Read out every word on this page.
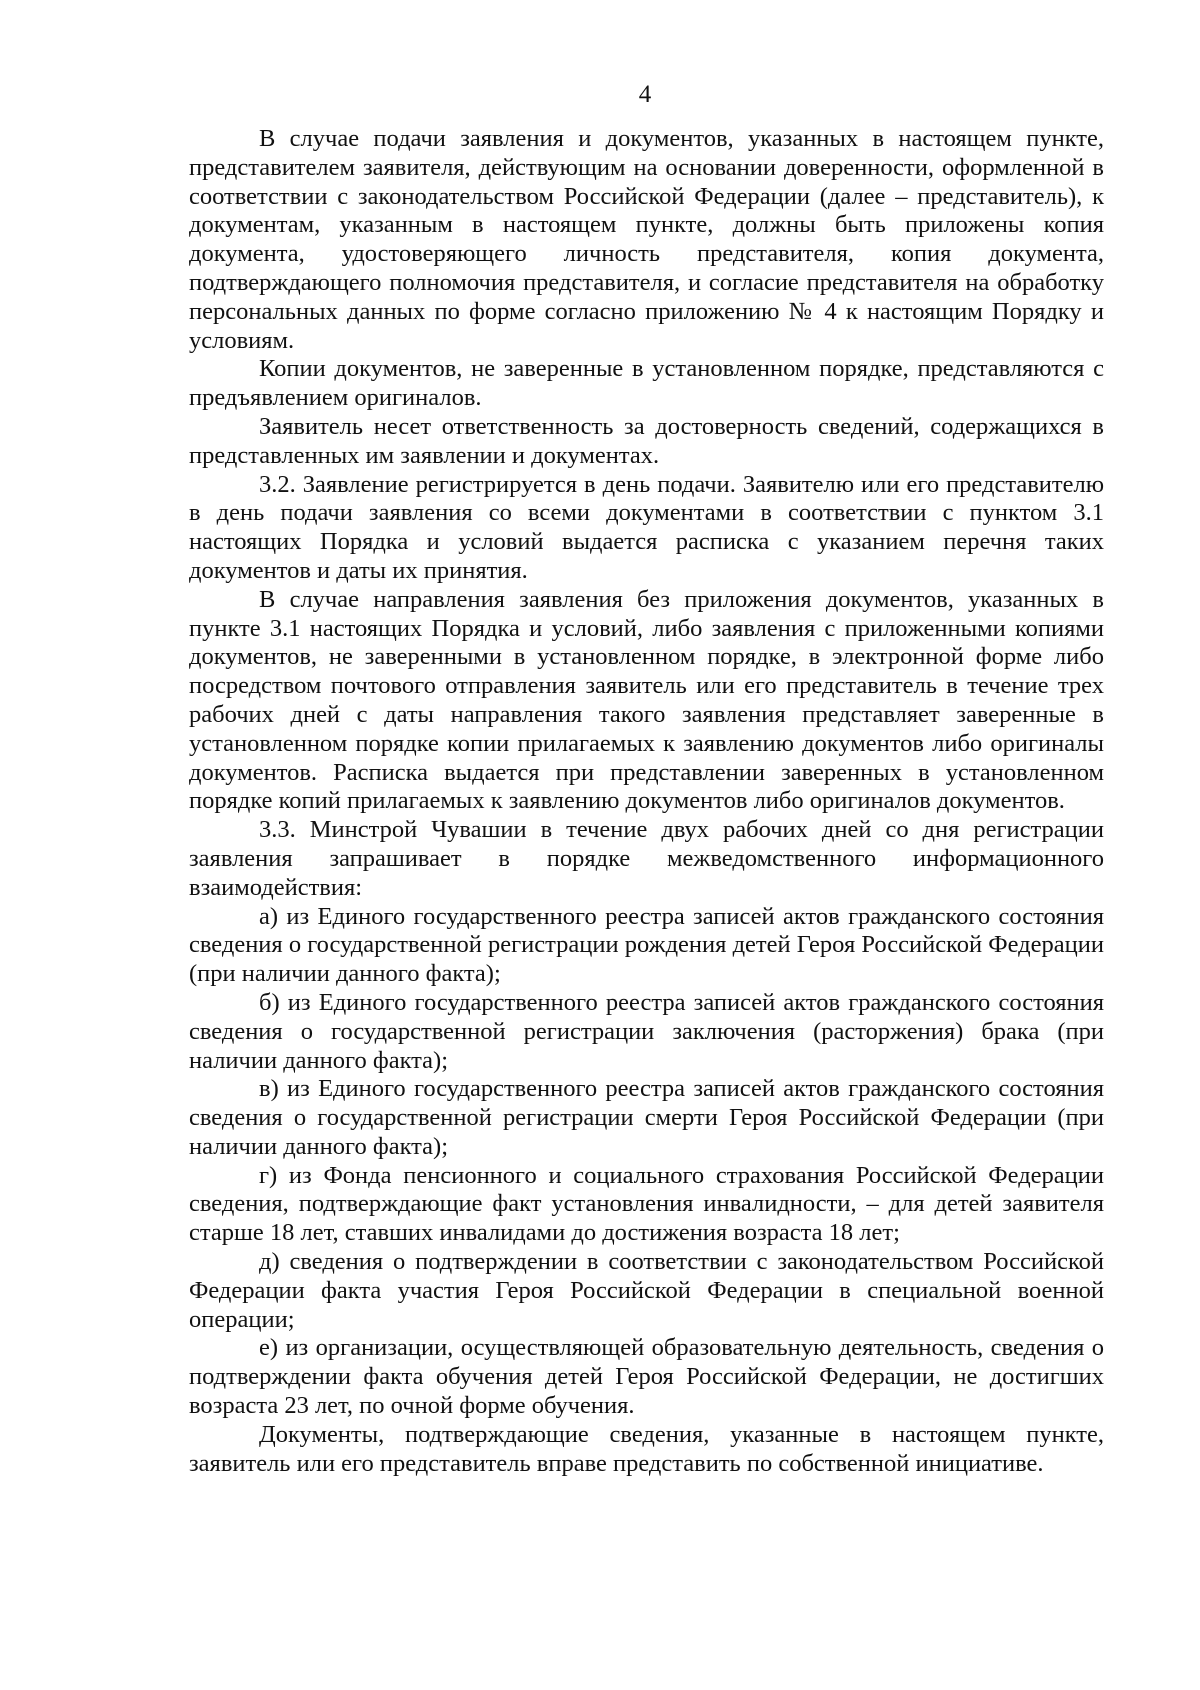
4

В случае подачи заявления и документов, указанных в настоящем пункте, представителем заявителя, действующим на основании доверенности, оформленной в соответствии с законодательством Российской Федерации (далее – представитель), к документам, указанным в настоящем пункте, должны быть приложены копия документа, удостоверяющего личность представителя, копия документа, подтверждающего полномочия представителя, и согласие представителя на обработку персональных данных по форме согласно приложению № 4 к настоящим Порядку и условиям.

Копии документов, не заверенные в установленном порядке, представляются с предъявлением оригиналов.

Заявитель несет ответственность за достоверность сведений, содержащихся в представленных им заявлении и документах.

3.2. Заявление регистрируется в день подачи. Заявителю или его представителю в день подачи заявления со всеми документами в соответствии с пунктом 3.1 настоящих Порядка и условий выдается расписка с указанием перечня таких документов и даты их принятия.

В случае направления заявления без приложения документов, указанных в пункте 3.1 настоящих Порядка и условий, либо заявления с приложенными копиями документов, не заверенными в установленном порядке, в электронной форме либо посредством почтового отправления заявитель или его представитель в течение трех рабочих дней с даты направления такого заявления представляет заверенные в установленном порядке копии прилагаемых к заявлению документов либо оригиналы документов. Расписка выдается при представлении заверенных в установленном порядке копий прилагаемых к заявлению документов либо оригиналов документов.

3.3. Минстрой Чувашии в течение двух рабочих дней со дня регистрации заявления запрашивает в порядке межведомственного информационного взаимодействия:

а) из Единого государственного реестра записей актов гражданского состояния сведения о государственной регистрации рождения детей Героя Российской Федерации (при наличии данного факта);

б) из Единого государственного реестра записей актов гражданского состояния сведения о государственной регистрации заключения (расторжения) брака (при наличии данного факта);

в) из Единого государственного реестра записей актов гражданского состояния сведения о государственной регистрации смерти Героя Российской Федерации (при наличии данного факта);

г) из Фонда пенсионного и социального страхования Российской Федерации сведения, подтверждающие факт установления инвалидности, – для детей заявителя старше 18 лет, ставших инвалидами до достижения возраста 18 лет;

д) сведения о подтверждении в соответствии с законодательством Российской Федерации факта участия Героя Российской Федерации в специальной военной операции;

е) из организации, осуществляющей образовательную деятельность, сведения о подтверждении факта обучения детей Героя Российской Федерации, не достигших возраста 23 лет, по очной форме обучения.

Документы, подтверждающие сведения, указанные в настоящем пункте, заявитель или его представитель вправе представить по собственной инициативе.
